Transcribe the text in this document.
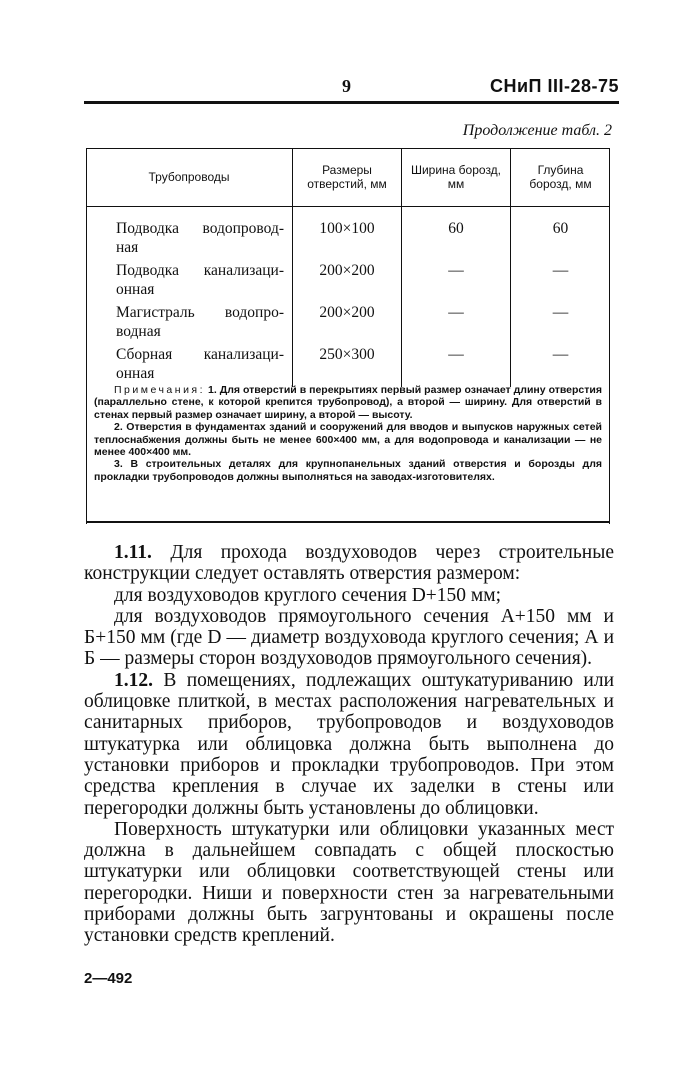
9	СНиП III-28-75
Продолжение табл. 2
Трубопроводы	Размеры отверстий, мм	Ширина борозд, мм	Глубина борозд, мм

Подводка водопровод-ная	100×100	60	60

Подводка канализаци-онная	200×200	—	—

Магистраль водопро-водная	200×200	—	—

Сборная канализаци-онная	250×300	—	—

Примечания: 1. Для отверстий в перекрытиях первый размер означает длину отверстия (параллельно стене, к которой крепится трубопровод), а второй — ширину. Для отверстий в стенах первый размер означает ширину, а второй — высоту.

2. Отверстия в фундаментах зданий и сооружений для вводов и выпусков наружных сетей теплоснабжения должны быть не менее 600×400 мм, а для водопровода и канализации — не менее 400×400 мм.

3. В строительных деталях для крупнопанельных зданий отверстия и борозды для прокладки трубопроводов должны выполняться на заводах-изготовителях.

1.11. Для прохода воздуховодов через строительные конструкции следует оставлять отверстия размером:

для воздуховодов круглого сечения D+150 мм;

для воздуховодов прямоугольного сечения А+150 мм и Б+150 мм (где D — диаметр воздуховода круглого сечения; А и Б — размеры сторон воздуховодов прямоугольного сечения).

1.12. В помещениях, подлежащих оштукатуриванию или облицовке плиткой, в местах расположения нагревательных и санитарных приборов, трубопроводов и воздуховодов штукатурка или облицовка должна быть выполнена до установки приборов и прокладки трубопроводов. При этом средства крепления в случае их заделки в стены или перегородки должны быть установлены до облицовки.

Поверхность штукатурки или облицовки указанных мест должна в дальнейшем совпадать с общей плоскостью штукатурки или облицовки соответствующей стены или перегородки. Ниши и поверхности стен за нагревательными приборами должны быть загрунтованы и окрашены после установки средств креплений.

2—492
